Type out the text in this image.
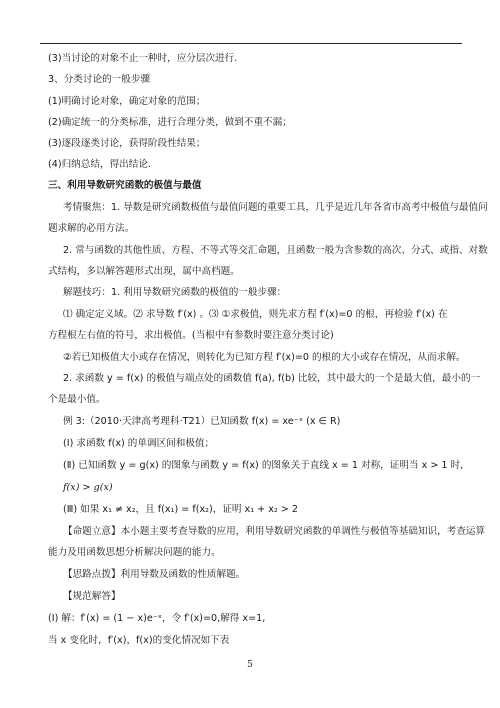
(3)当讨论的对象不止一种时，应分层次进行.
3、分类讨论的一般步骤
(1)明确讨论对象，确定对象的范围；
(2)确定统一的分类标准，进行合理分类，做到不重不漏；
(3)逐段逐类讨论，获得阶段性结果；
(4)归纳总结，得出结论.
三、利用导数研究函数的极值与最值
考情聚焦：1. 导数是研究函数极值与最值问题的重要工具，几乎是近几年各省市高考中极值与最值问
题求解的必用方法。
2. 常与函数的其他性质、方程、不等式等交汇命题，且函数一般为含参数的高次、分式、或指、对数
式结构，多以解答题形式出现，属中高档题。
解题技巧：1. 利用导数研究函数的极值的一般步骤：
⑴ 确定定义域。⑵ 求导数 f′(x) 。⑶ ①求极值，则先求方程 f′(x)=0 的根，再检验 f′(x) 在
方程根左右值的符号，求出极值。(当根中有参数时要注意分类讨论)
②若已知极值大小或存在情况，则转化为已知方程 f′(x)=0 的根的大小或存在情况，从而求解。
2. 求函数 y = f(x) 的极值与端点处的函数值 f(a), f(b) 比较，其中最大的一个是最大值，最小的一
个是最小值。
例 3:（2010·天津高考理科·T21）已知函数 f(x) = xe⁻ˣ (x ∈ R)
(Ⅰ) 求函数 f(x) 的单调区间和极值；
(Ⅱ) 已知函数 y = g(x) 的图象与函数 y = f(x) 的图象关于直线 x = 1 对称，证明当 x > 1 时,
f(x) > g(x)
(Ⅲ) 如果 x₁ ≠ x₂，且 f(x₁) = f(x₂)，证明 x₁ + x₂ > 2
【命题立意】本小题主要考查导数的应用，利用导数研究函数的单调性与极值等基础知识，考查运算
能力及用函数思想分析解决问题的能力。
【思路点拨】利用导数及函数的性质解题。
【规范解答】
(Ⅰ) 解：f′(x) = (1 − x)e⁻ˣ，令 f′(x)=0,解得 x=1,
当 x 变化时，f′(x)，f(x)的变化情况如下表
5
